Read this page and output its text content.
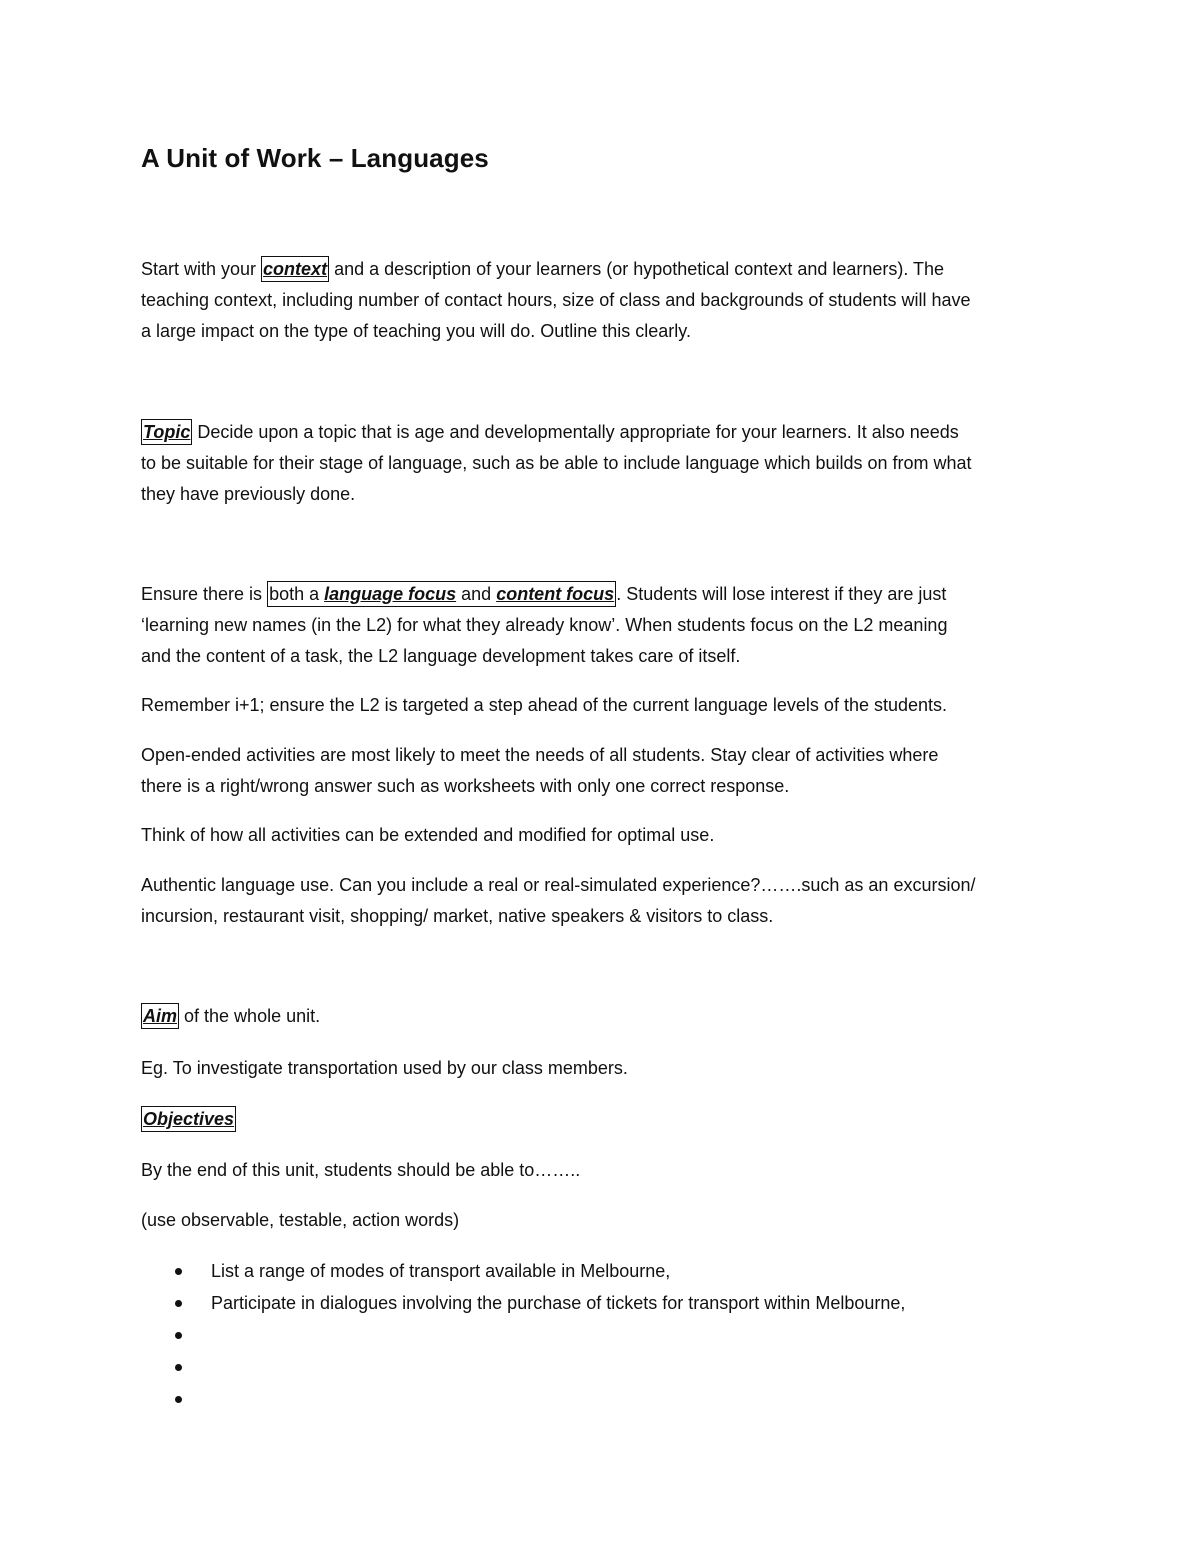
A Unit of Work – Languages
Start with your context and a description of your learners (or hypothetical context and learners). The
teaching context, including number of contact hours, size of class and backgrounds of students will have
a large impact on the type of teaching you will do. Outline this clearly.
Topic Decide upon a topic that is age and developmentally appropriate for your learners. It also needs
to be suitable for their stage of language, such as be able to include language which builds on from what
they have previously done.
Ensure there is both a language focus and content focus . Students will lose interest if they are just
‘learning new names (in the L2) for what they already know’. When students focus on the L2 meaning
and the content of a task, the L2 language development takes care of itself.
Remember i+1; ensure the L2 is targeted a step ahead of the current language levels of the students.
Open-ended activities are most likely to meet the needs of all students. Stay clear of activities where
there is a right/wrong answer such as worksheets with only one correct response.
Think of how all activities can be extended and modified for optimal use.
Authentic language use. Can you include a real or real-simulated experience?…….such as an excursion/
incursion, restaurant visit, shopping/ market, native speakers & visitors to class.
Aim of the whole unit.
Eg. To investigate transportation used by our class members.
Objectives
By the end of this unit, students should be able to……..
(use observable, testable, action words)
List a range of modes of transport available in Melbourne,
Participate in dialogues involving the purchase of tickets for transport within Melbourne,
